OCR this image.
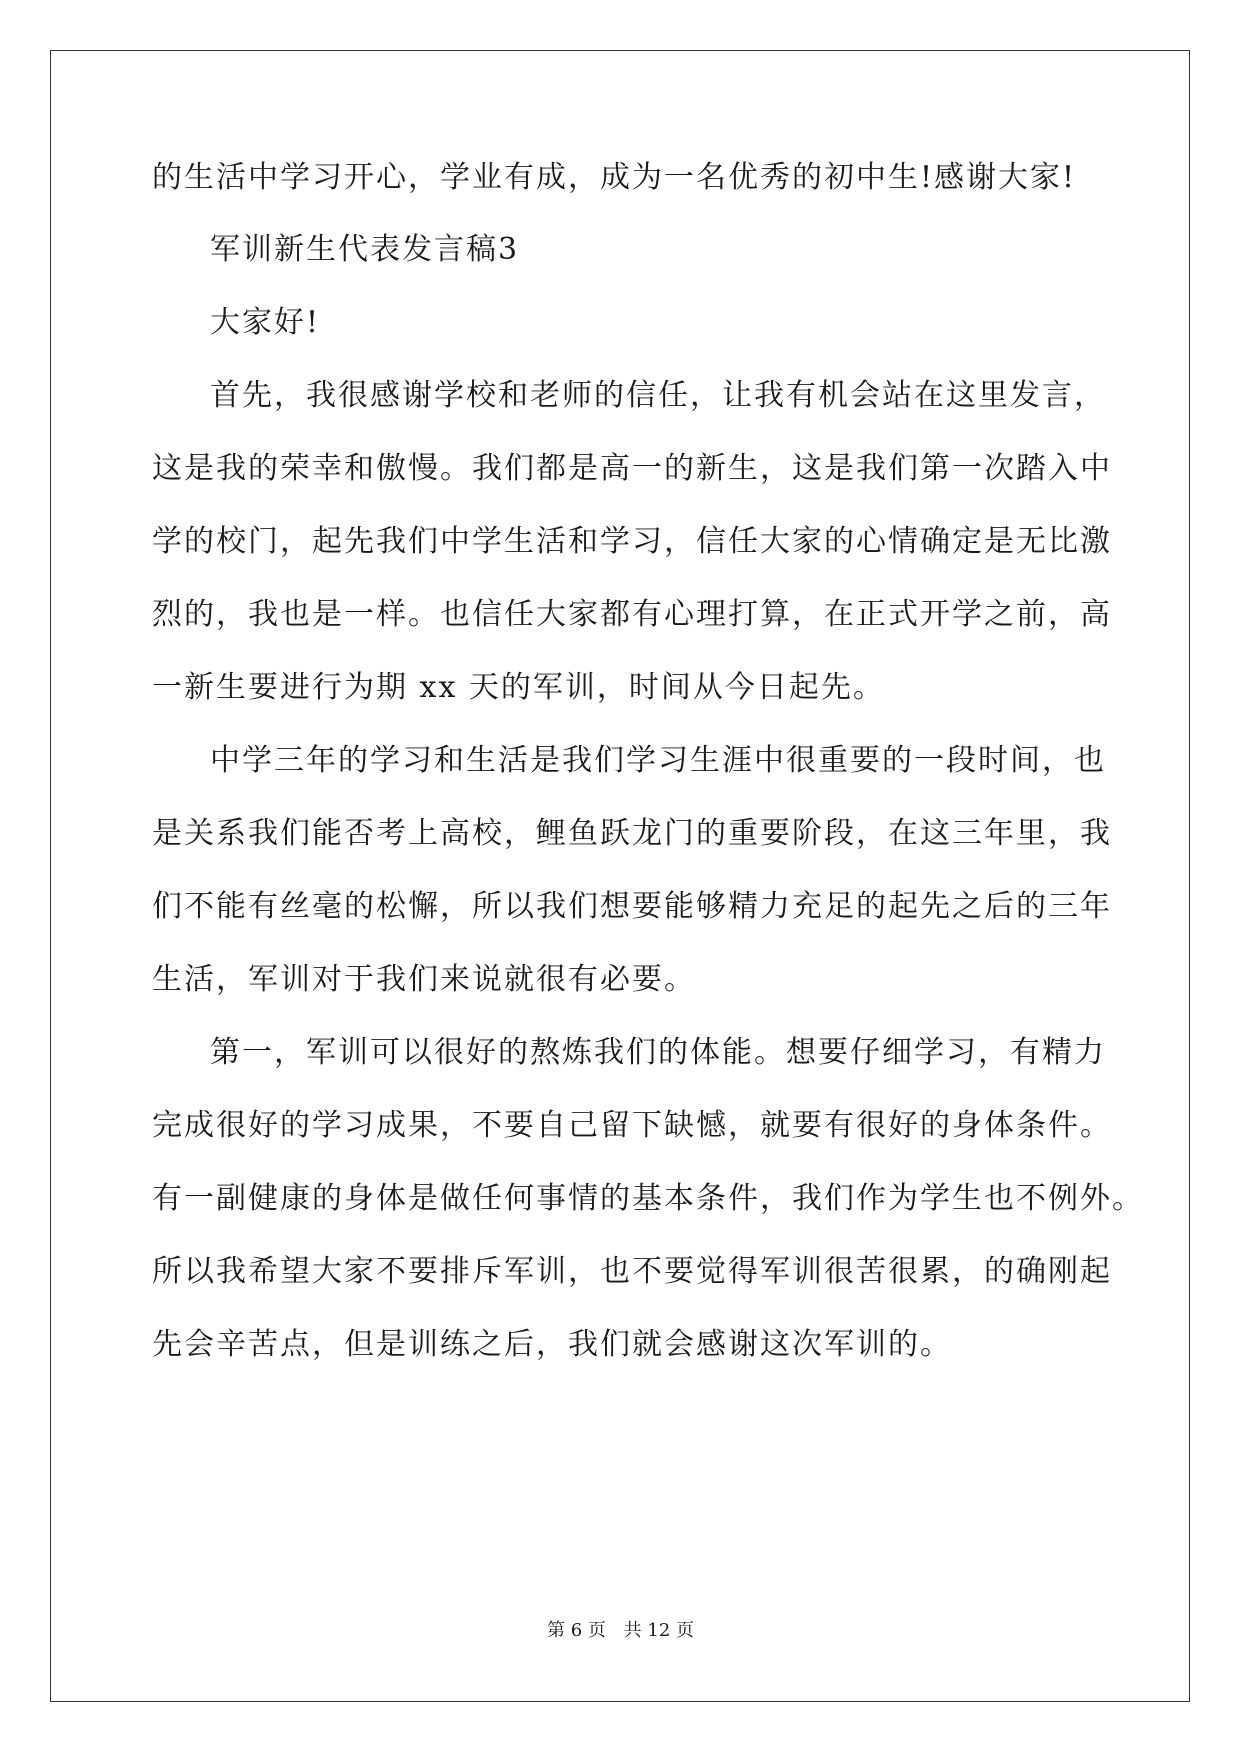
的生活中学习开心，学业有成，成为一名优秀的初中生!感谢大家!
军训新生代表发言稿3
大家好!
首先，我很感谢学校和老师的信任，让我有机会站在这里发言，
这是我的荣幸和傲慢。我们都是高一的新生，这是我们第一次踏入中
学的校门，起先我们中学生活和学习，信任大家的心情确定是无比激
烈的，我也是一样。也信任大家都有心理打算，在正式开学之前，高
一新生要进行为期 xx 天的军训，时间从今日起先。
中学三年的学习和生活是我们学习生涯中很重要的一段时间，也
是关系我们能否考上高校，鲤鱼跃龙门的重要阶段，在这三年里，我
们不能有丝毫的松懈，所以我们想要能够精力充足的起先之后的三年
生活，军训对于我们来说就很有必要。
第一，军训可以很好的熬炼我们的体能。想要仔细学习，有精力
完成很好的学习成果，不要自己留下缺憾，就要有很好的身体条件。
有一副健康的身体是做任何事情的基本条件，我们作为学生也不例外。
所以我希望大家不要排斥军训，也不要觉得军训很苦很累，的确刚起
先会辛苦点，但是训练之后，我们就会感谢这次军训的。
第 6 页 共 12 页
